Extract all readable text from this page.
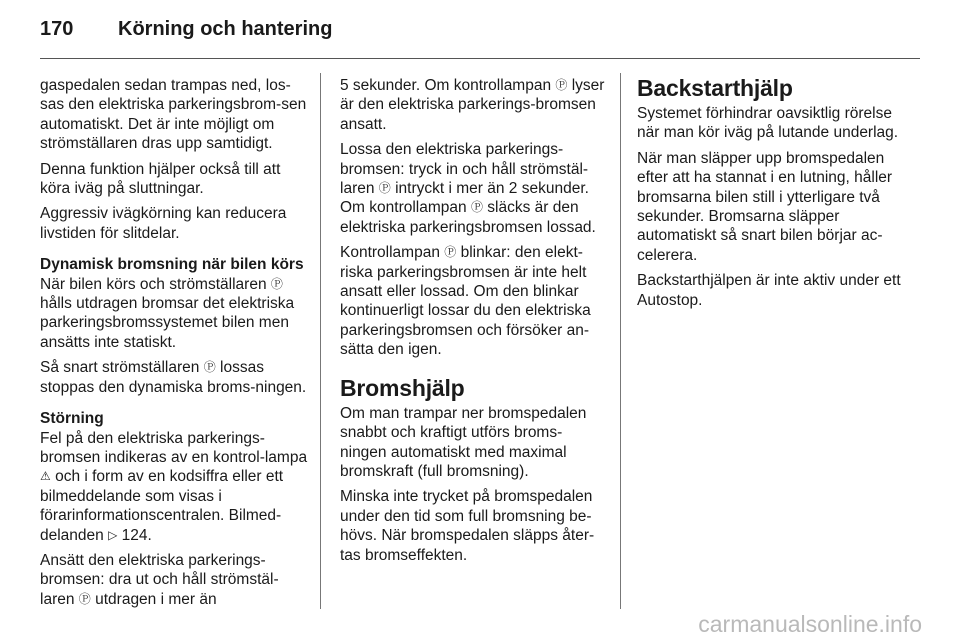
170 Körning och hantering

gaspedalen sedan trampas ned, los-sas den elektriska parkeringsbrom-sen automatiskt. Det är inte möjligt om strömställaren dras upp samtidigt.

Denna funktion hjälper också till att köra iväg på sluttningar.

Aggressiv ivägkörning kan reducera livstiden för slitdelar.

Dynamisk bromsning när bilen körs

När bilen körs och strömställaren Ⓟ hålls utdragen bromsar det elektriska parkeringsbromssystemet bilen men ansätts inte statiskt.

Så snart strömställaren Ⓟ lossas stoppas den dynamiska broms-ningen.

Störning

Fel på den elektriska parkerings-bromsen indikeras av en kontrol-lampa ⚠ och i form av en kodsiffra eller ett bilmeddelande som visas i förarinformationscentralen. Bilmed-delanden ▷ 124.

Ansätt den elektriska parkerings-bromsen: dra ut och håll strömstäl-laren Ⓟ utdragen i mer än

5 sekunder. Om kontrollampan Ⓟ lyser är den elektriska parkerings-bromsen ansatt.

Lossa den elektriska parkerings-bromsen: tryck in och håll strömstäl-laren Ⓟ intryckt i mer än 2 sekunder. Om kontrollampan Ⓟ släcks är den elektriska parkeringsbromsen lossad.

Kontrollampan Ⓟ blinkar: den elekt-riska parkeringsbromsen är inte helt ansatt eller lossad. Om den blinkar kontinuerligt lossar du den elektriska parkeringsbromsen och försöker an-sätta den igen.

Bromshjälp

Om man trampar ner bromspedalen snabbt och kraftigt utförs broms-ningen automatiskt med maximal bromskraft (full bromsning).

Minska inte trycket på bromspedalen under den tid som full bromsning be-hövs. När bromspedalen släpps åter-tas bromseffekten.

Backstarthjälp

Systemet förhindrar oavsiktlig rörelse när man kör iväg på lutande underlag.

När man släpper upp bromspedalen efter att ha stannat i en lutning, håller bromsarna bilen still i ytterligare två sekunder. Bromsarna släpper automatiskt så snart bilen börjar ac-celerera.

Backstarthjälpen är inte aktiv under ett Autostop.

carmanualsonline.info
